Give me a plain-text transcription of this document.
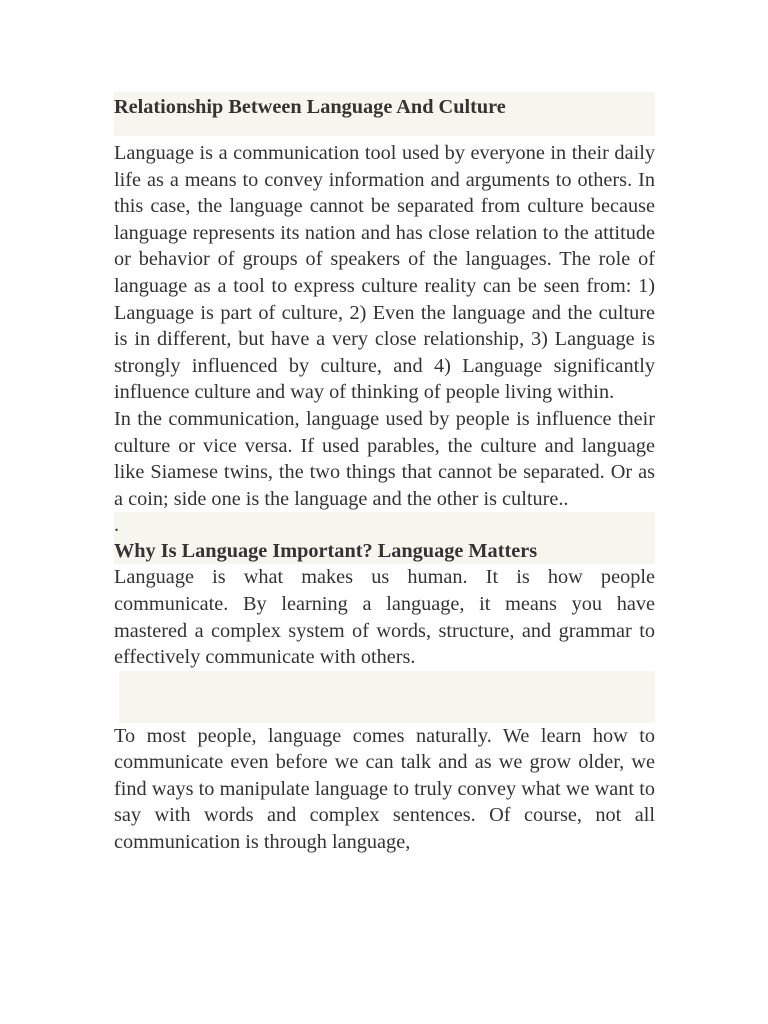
Relationship Between Language And Culture

Language is a communication tool used by everyone in their daily life as a means to convey information and arguments to others. In this case, the language cannot be separated from culture because language represents its nation and has close relation to the attitude or behavior of groups of speakers of the languages. The role of language as a tool to express culture reality can be seen from: 1) Language is part of culture, 2) Even the language and the culture is in different, but have a very close relationship, 3) Language is strongly influenced by culture, and 4) Language significantly influence culture and way of thinking of people living within.

In the communication, language used by people is influence their culture or vice versa. If used parables, the culture and language like Siamese twins, the two things that cannot be separated. Or as a coin; side one is the language and the other is culture..

.

Why Is Language Important? Language Matters

Language is what makes us human. It is how people communicate. By learning a language, it means you have mastered a complex system of words, structure, and grammar to effectively communicate with others.

To most people, language comes naturally. We learn how to communicate even before we can talk and as we grow older, we find ways to manipulate language to truly convey what we want to say with words and complex sentences. Of course, not all communication is through language,
